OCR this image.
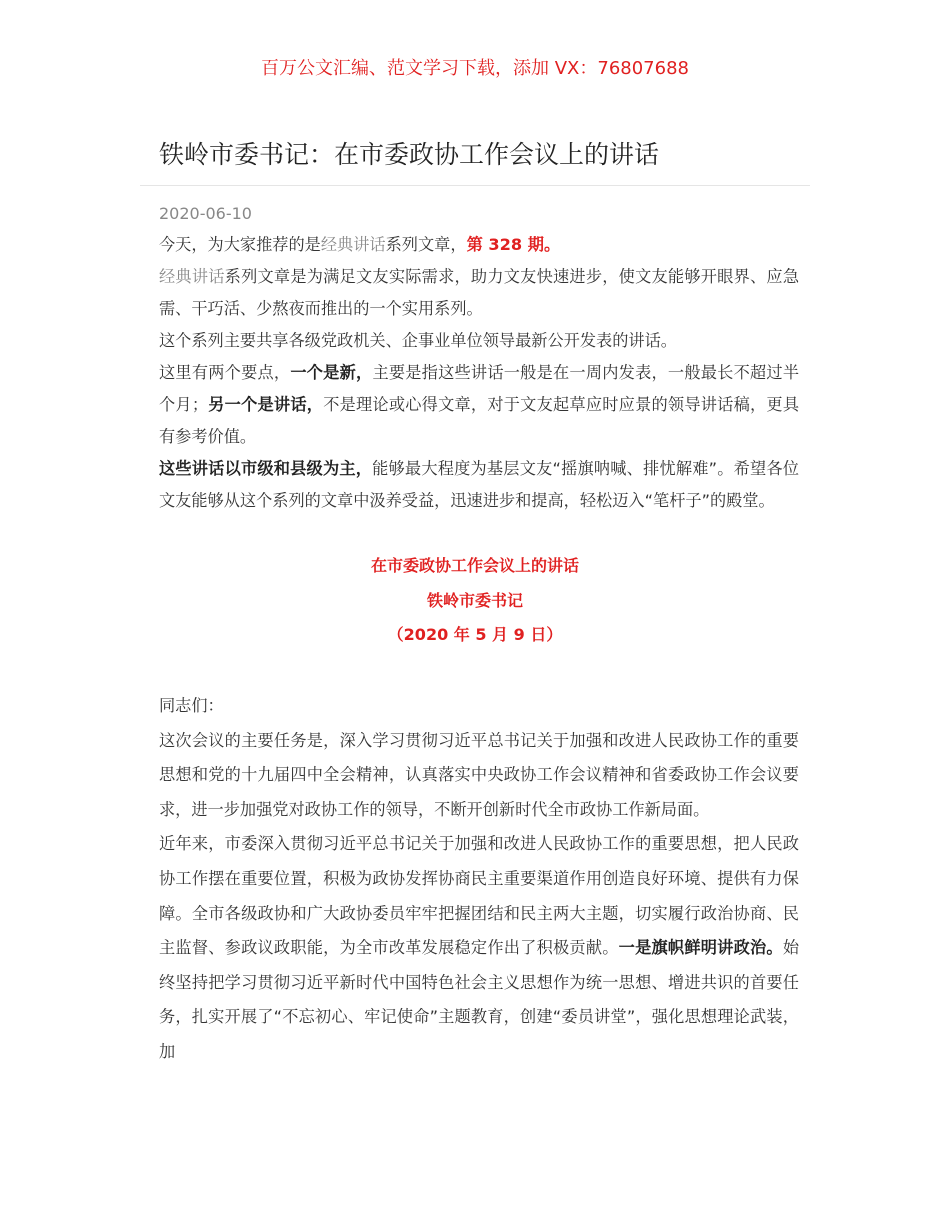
百万公文汇编、范文学习下载，添加 VX：76807688
铁岭市委书记：在市委政协工作会议上的讲话
2020-06-10

今天，为大家推荐的是经典讲话系列文章，第 328 期。

经典讲话系列文章是为满足文友实际需求，助力文友快速进步，使文友能够开眼界、应急需、干巧活、少熬夜而推出的一个实用系列。

这个系列主要共享各级党政机关、企事业单位领导最新公开发表的讲话。

这里有两个要点，一个是新，主要是指这些讲话一般是在一周内发表，一般最长不超过半个月；另一个是讲话，不是理论或心得文章，对于文友起草应时应景的领导讲话稿，更具有参考价值。

这些讲话以市级和县级为主，能够最大程度为基层文友“摇旗呐喊、排忧解难”。希望各位文友能够从这个系列的文章中汲养受益，迅速进步和提高，轻松迈入“笔杆子”的殿堂。

在市委政协工作会议上的讲话
铁岭市委书记
（2020 年 5 月 9 日）

同志们：

这次会议的主要任务是，深入学习贯彻习近平总书记关于加强和改进人民政协工作的重要思想和党的十九届四中全会精神，认真落实中央政协工作会议精神和省委政协工作会议要求，进一步加强党对政协工作的领导，不断开创新时代全市政协工作新局面。

近年来，市委深入贯彻习近平总书记关于加强和改进人民政协工作的重要思想，把人民政协工作摆在重要位置，积极为政协发挥协商民主重要渠道作用创造良好环境、提供有力保障。全市各级政协和广大政协委员牢牢把握团结和民主两大主题，切实履行政治协商、民主监督、参政议政职能，为全市改革发展稳定作出了积极贡献。一是旗帜鲜明讲政治。始终坚持把学习贯彻习近平新时代中国特色社会主义思想作为统一思想、增进共识的首要任务，扎实开展了“不忘初心、牢记使命”主题教育，创建“委员讲堂”，强化思想理论武装，加
